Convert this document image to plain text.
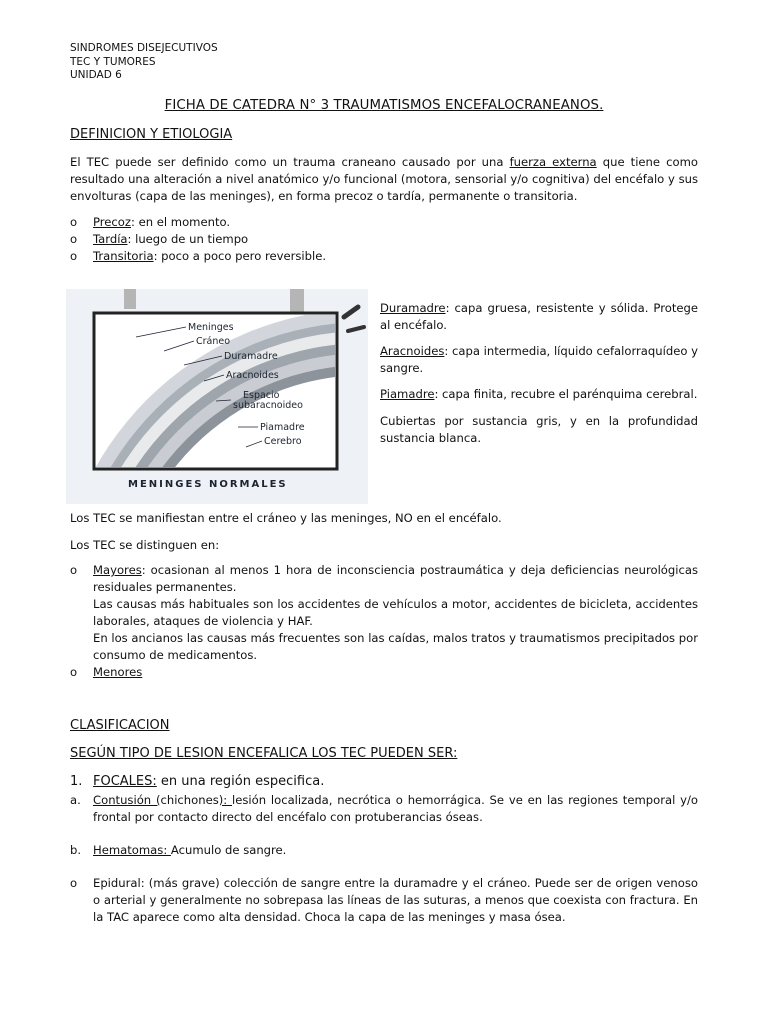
SINDROMES DISEJECUTIVOS
TEC Y TUMORES
UNIDAD 6
FICHA DE CATEDRA N° 3 TRAUMATISMOS ENCEFALOCRANEANOS.
DEFINICION Y ETIOLOGIA
El TEC puede ser definido como un trauma craneano causado por una fuerza externa que tiene como resultado una alteración a nivel anatómico y/o funcional (motora, sensorial y/o cognitiva) del encéfalo y sus envolturas (capa de las meninges), en forma precoz o tardía, permanente o transitoria.
o Precoz: en el momento.
o Tardía: luego de un tiempo
o Transitoria: poco a poco pero reversible.
Meninges
Cráneo
Duramadre
Aracnoides
Espacio
subaracnoideo
Piamadre
Cerebro
MENINGES NORMALES
Duramadre: capa gruesa, resistente y sólida. Protege al encéfalo.
Aracnoides: capa intermedia, líquido cefalorraquídeo y sangre.
Piamadre: capa finita, recubre el parénquima cerebral.
Cubiertas por sustancia gris, y en la profundidad sustancia blanca.
Los TEC se manifiestan entre el cráneo y las meninges, NO en el encéfalo.
Los TEC se distinguen en:
o Mayores: ocasionan al menos 1 hora de inconsciencia postraumática y deja deficiencias neurológicas residuales permanentes.
Las causas más habituales son los accidentes de vehículos a motor, accidentes de bicicleta, accidentes laborales, ataques de violencia y HAF.
En los ancianos las causas más frecuentes son las caídas, malos tratos y traumatismos precipitados por consumo de medicamentos.
o Menores
CLASIFICACION
SEGÚN TIPO DE LESION ENCEFALICA LOS TEC PUEDEN SER:
1. FOCALES: en una región especifica.
a. Contusión (chichones): lesión localizada, necrótica o hemorrágica. Se ve en las regiones temporal y/o frontal por contacto directo del encéfalo con protuberancias óseas.
b. Hematomas: Acumulo de sangre.
o Epidural: (más grave) colección de sangre entre la duramadre y el cráneo. Puede ser de origen venoso o arterial y generalmente no sobrepasa las líneas de las suturas, a menos que coexista con fractura. En la TAC aparece como alta densidad. Choca la capa de las meninges y masa ósea.
